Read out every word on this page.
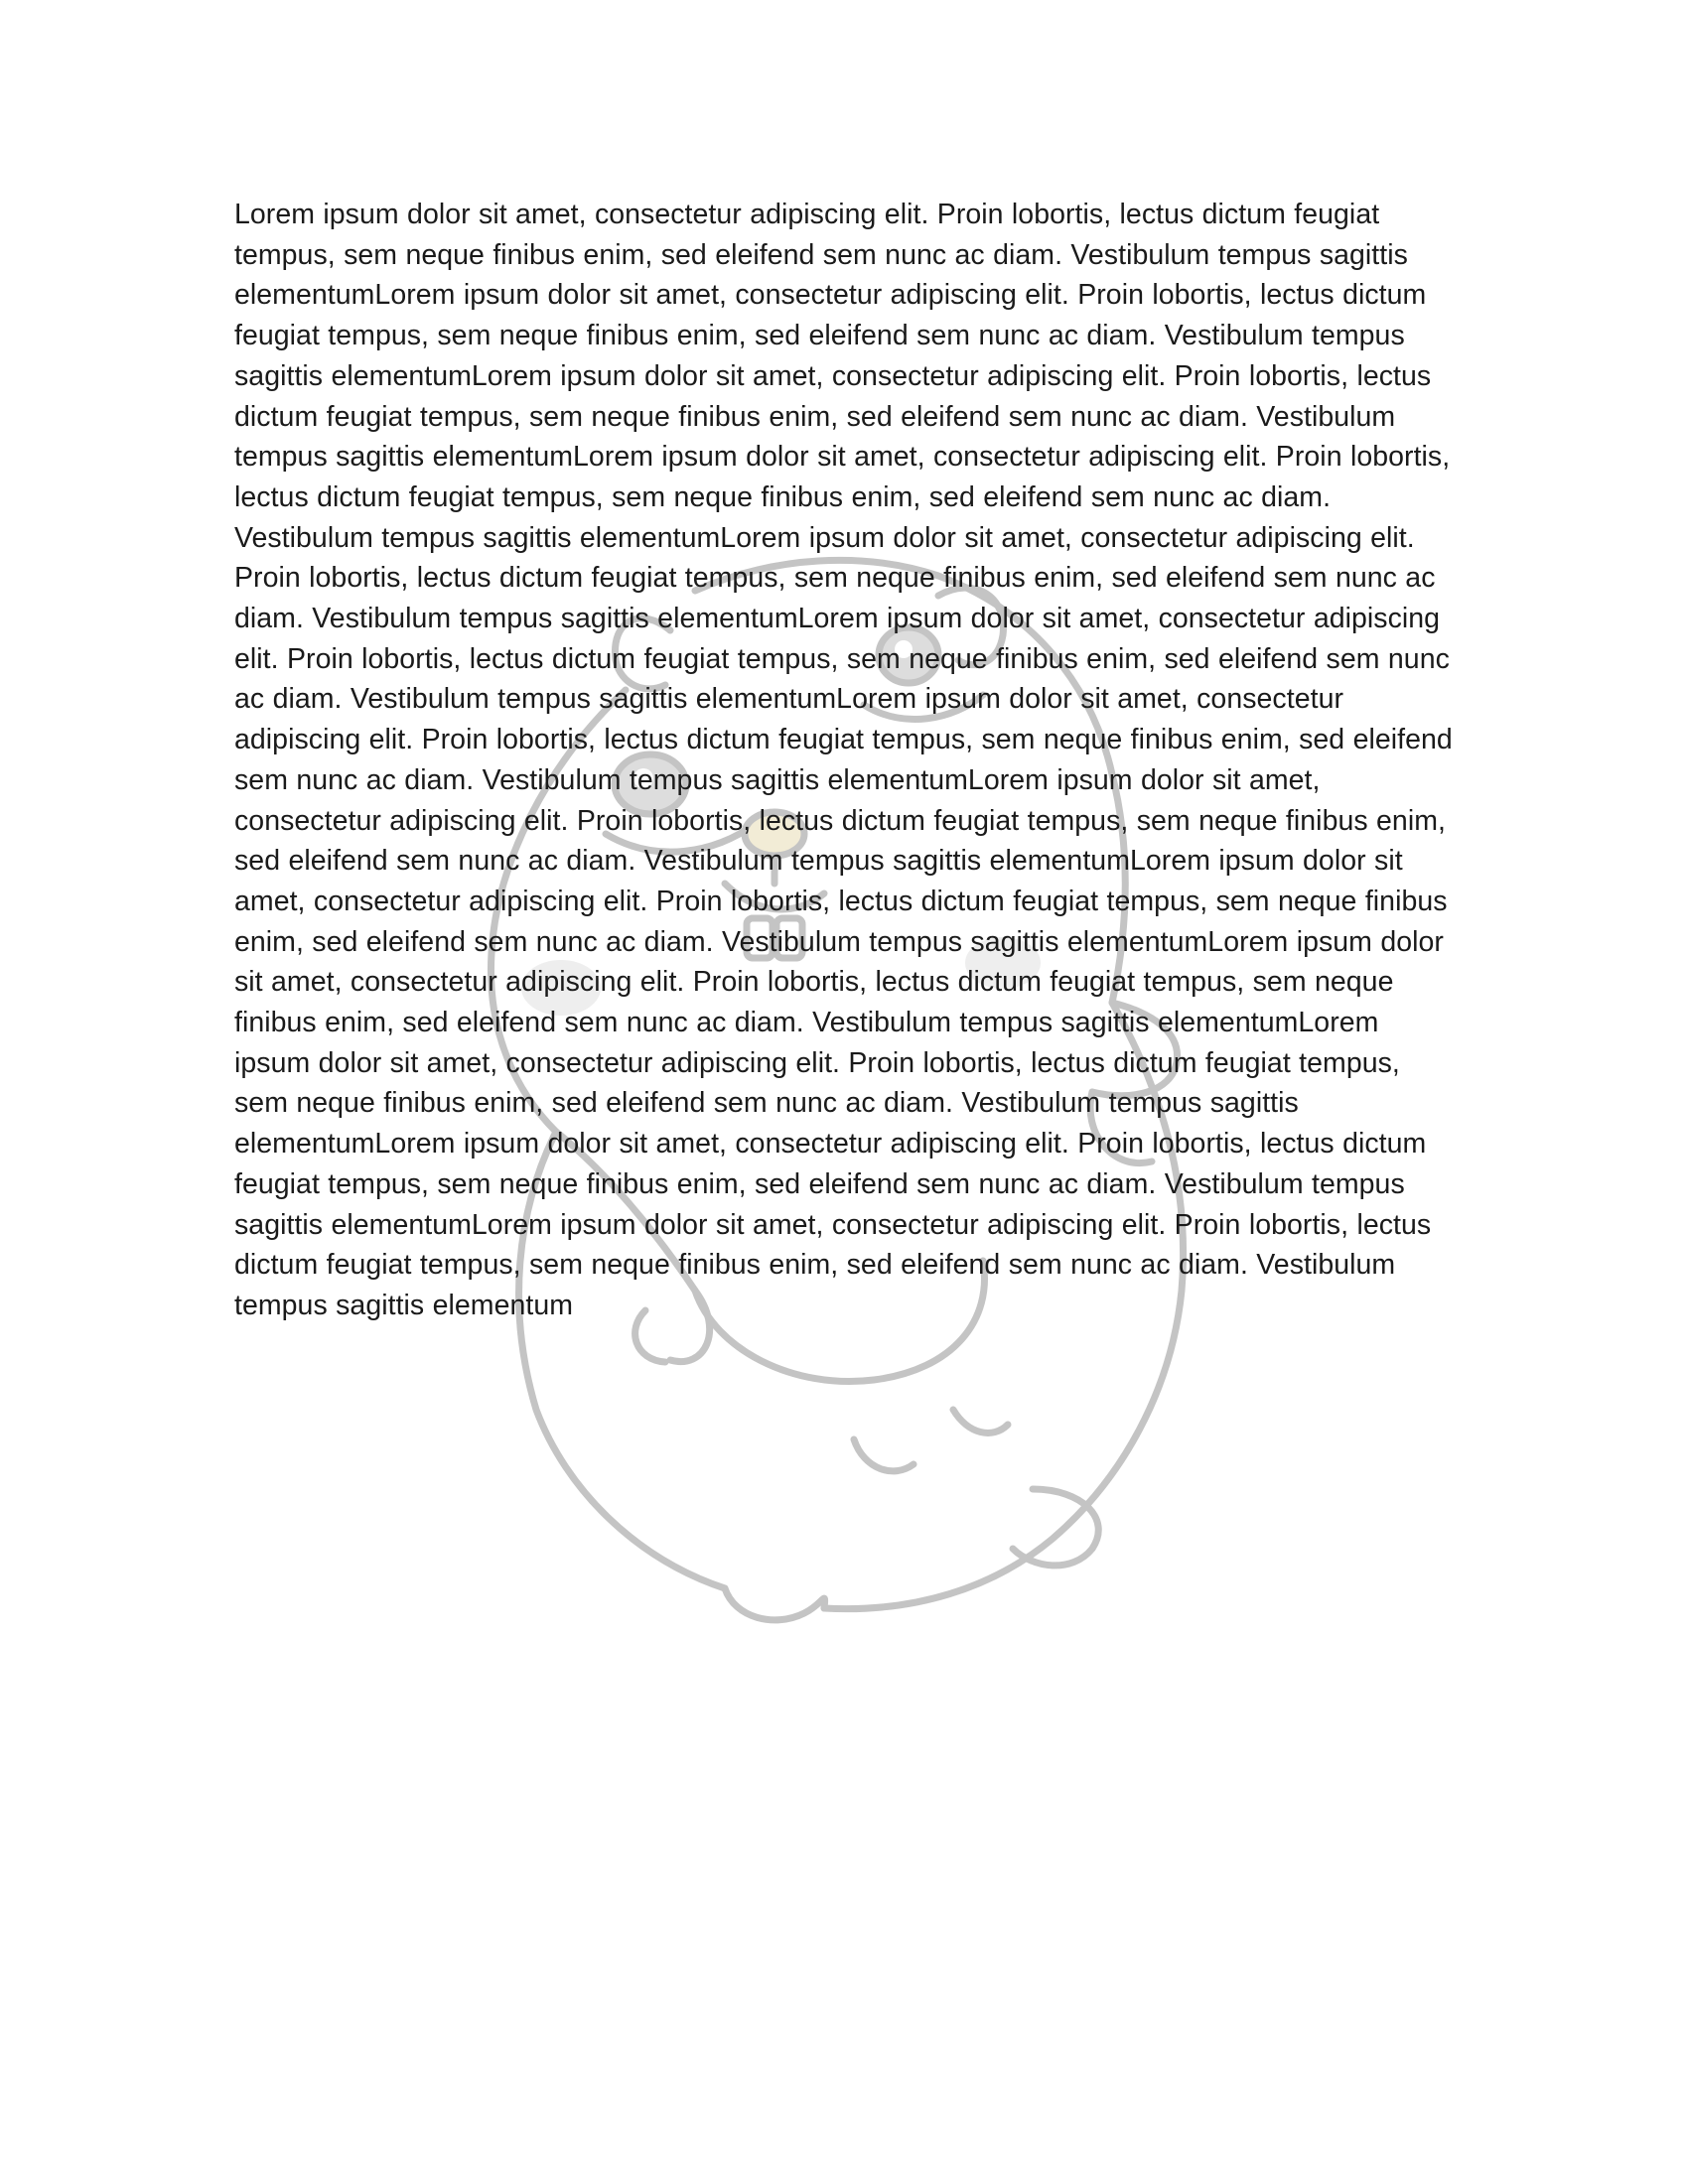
Lorem ipsum dolor sit amet, consectetur adipiscing elit. Proin lobortis, lectus dictum feugiat tempus, sem neque finibus enim, sed eleifend sem nunc ac diam. Vestibulum tempus sagittis elementumLorem ipsum dolor sit amet, consectetur adipiscing elit. Proin lobortis, lectus dictum feugiat tempus, sem neque finibus enim, sed eleifend sem nunc ac diam. Vestibulum tempus sagittis elementumLorem ipsum dolor sit amet, consectetur adipiscing elit. Proin lobortis, lectus dictum feugiat tempus, sem neque finibus enim, sed eleifend sem nunc ac diam. Vestibulum tempus sagittis elementumLorem ipsum dolor sit amet, consectetur adipiscing elit. Proin lobortis, lectus dictum feugiat tempus, sem neque finibus enim, sed eleifend sem nunc ac diam. Vestibulum tempus sagittis elementumLorem ipsum dolor sit amet, consectetur adipiscing elit. Proin lobortis, lectus dictum feugiat tempus, sem neque finibus enim, sed eleifend sem nunc ac diam. Vestibulum tempus sagittis elementumLorem ipsum dolor sit amet, consectetur adipiscing elit. Proin lobortis, lectus dictum feugiat tempus, sem neque finibus enim, sed eleifend sem nunc ac diam. Vestibulum tempus sagittis elementumLorem ipsum dolor sit amet, consectetur adipiscing elit. Proin lobortis, lectus dictum feugiat tempus, sem neque finibus enim, sed eleifend sem nunc ac diam. Vestibulum tempus sagittis elementumLorem ipsum dolor sit amet, consectetur adipiscing elit. Proin lobortis, lectus dictum feugiat tempus, sem neque finibus enim, sed eleifend sem nunc ac diam. Vestibulum tempus sagittis elementumLorem ipsum dolor sit amet, consectetur adipiscing elit. Proin lobortis, lectus dictum feugiat tempus, sem neque finibus enim, sed eleifend sem nunc ac diam. Vestibulum tempus sagittis elementumLorem ipsum dolor sit amet, consectetur adipiscing elit. Proin lobortis, lectus dictum feugiat tempus, sem neque finibus enim, sed eleifend sem nunc ac diam. Vestibulum tempus sagittis elementumLorem ipsum dolor sit amet, consectetur adipiscing elit. Proin lobortis, lectus dictum feugiat tempus, sem neque finibus enim, sed eleifend sem nunc ac diam. Vestibulum tempus sagittis elementumLorem ipsum dolor sit amet, consectetur adipiscing elit. Proin lobortis, lectus dictum feugiat tempus, sem neque finibus enim, sed eleifend sem nunc ac diam. Vestibulum tempus sagittis elementumLorem ipsum dolor sit amet, consectetur adipiscing elit. Proin lobortis, lectus dictum feugiat tempus, sem neque finibus enim, sed eleifend sem nunc ac diam. Vestibulum tempus sagittis elementum
